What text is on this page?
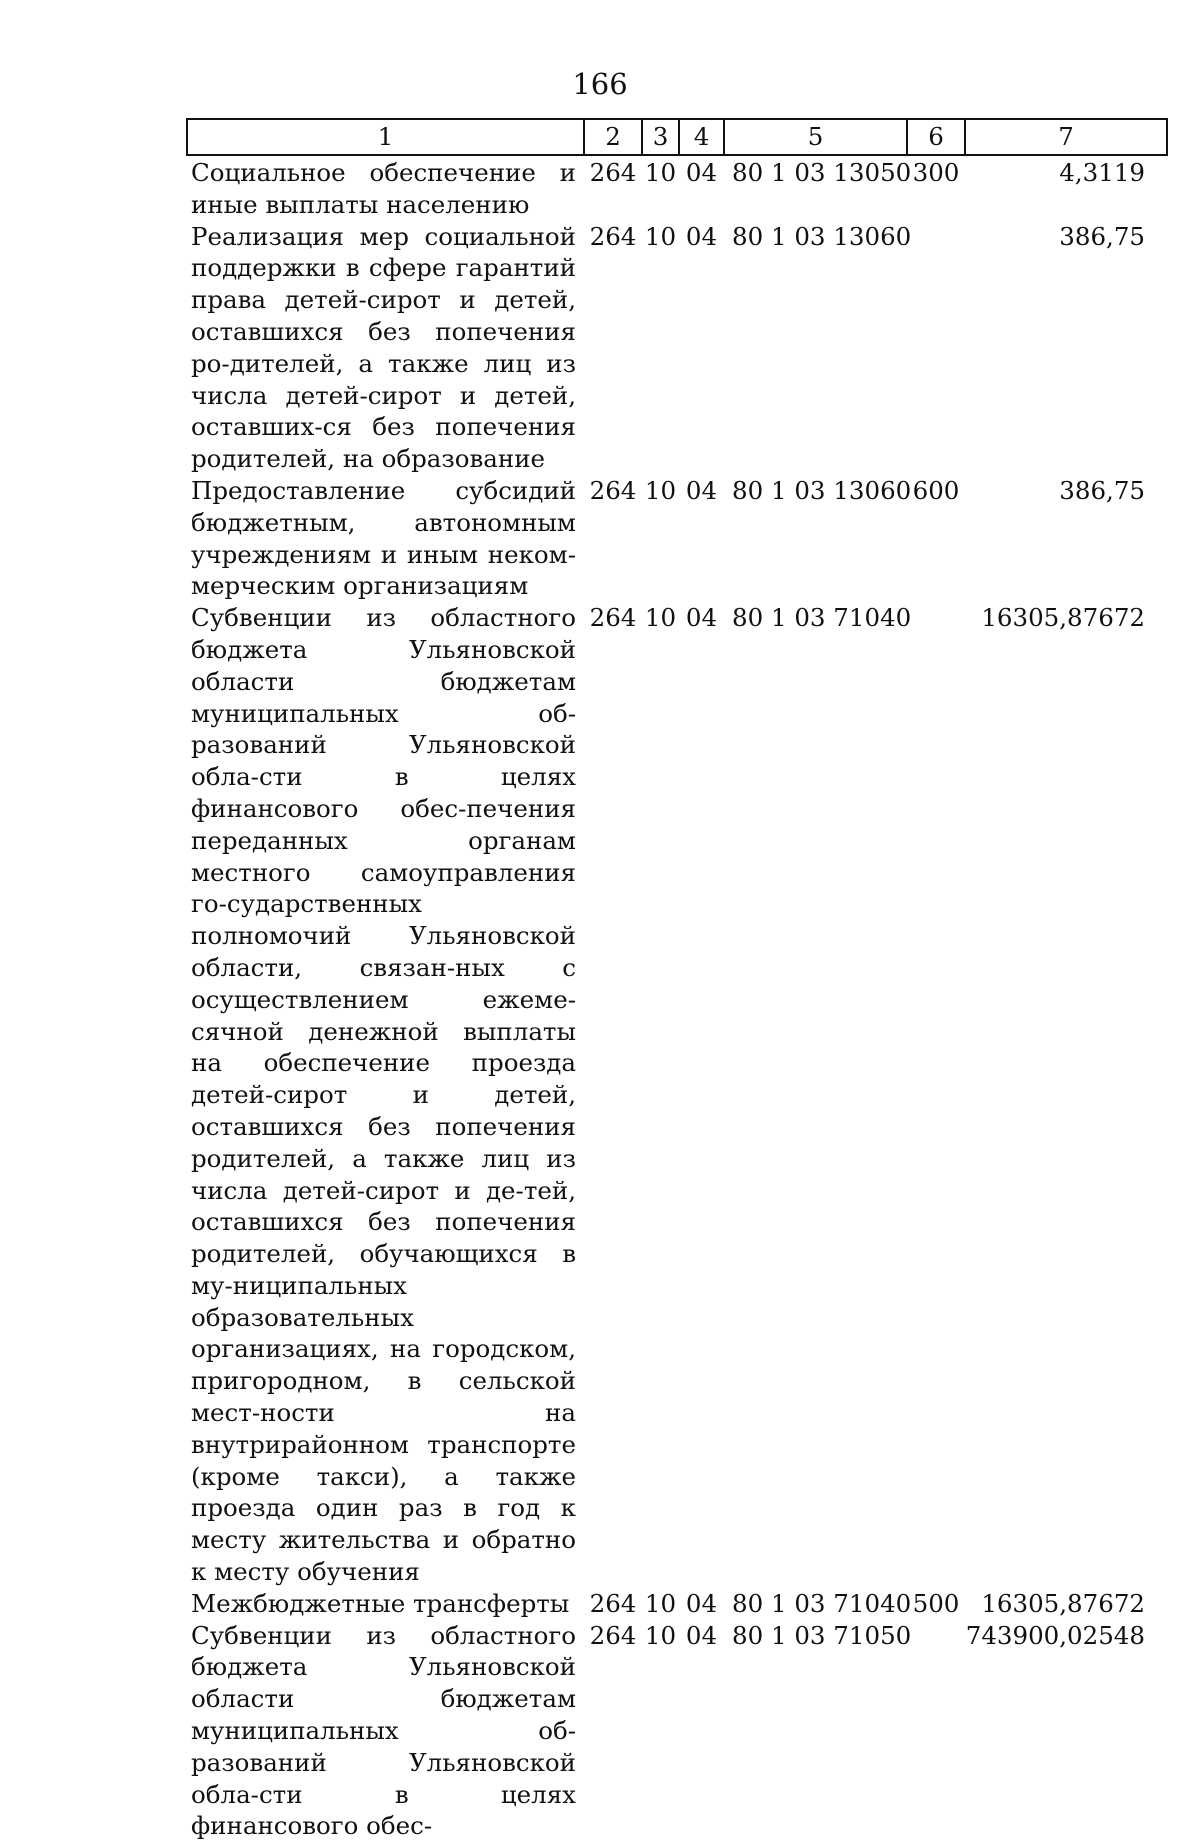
166
1	2	3	4	5	6	7
Социальное обеспечение и иные выплаты населению	264	10	04	80 1 03 13050	300	4,3119
Реализация мер социальной поддержки в сфере гарантий права детей-сирот и детей, оставшихся без попечения ро-дителей, а также лиц из числа детей-сирот и детей, оставших-ся без попечения родителей, на образование	264	10	04	80 1 03 13060		386,75
Предоставление субсидий бюджетным, автономным учреждениям и иным неком-мерческим организациям	264	10	04	80 1 03 13060	600	386,75
Субвенции из областного бюджета Ульяновской области бюджетам муниципальных об-разований Ульяновской обла-сти в целях финансового обес-печения переданных органам местного самоуправления го-сударственных полномочий Ульяновской области, связан-ных с осуществлением ежеме-сячной денежной выплаты на обеспечение проезда детей-сирот и детей, оставшихся без попечения родителей, а также лиц из числа детей-сирот и де-тей, оставшихся без попечения родителей, обучающихся в му-ниципальных образовательных организациях, на городском, пригородном, в сельской мест-ности на внутрирайонном транспорте (кроме такси), а также проезда один раз в год к месту жительства и обратно к месту обучения	264	10	04	80 1 03 71040		16305,87672
Межбюджетные трансферты	264	10	04	80 1 03 71040	500	16305,87672
Субвенции из областного бюджета Ульяновской области бюджетам муниципальных об-разований Ульяновской обла-сти в целях финансового обес-	264	10	04	80 1 03 71050		743900,02548
